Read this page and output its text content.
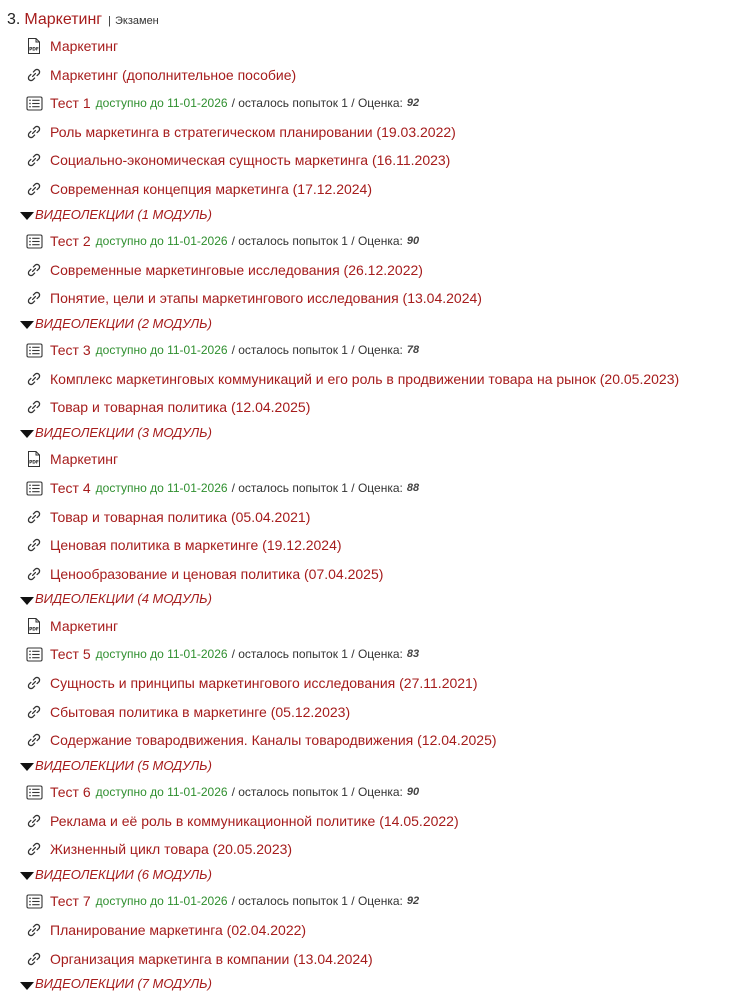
3. Маркетинг | Экзамен
PDF Маркетинг
Маркетинг (дополнительное пособие)
Тест 1 доступно до 11-01-2026 / осталось попыток 1 / Оценка: 92
Роль маркетинга в стратегическом планировании (19.03.2022)
Социально-экономическая сущность маркетинга (16.11.2023)
Современная концепция маркетинга (17.12.2024)
ВИДЕОЛЕКЦИИ (1 МОДУЛЬ)
Тест 2 доступно до 11-01-2026 / осталось попыток 1 / Оценка: 90
Современные маркетинговые исследования (26.12.2022)
Понятие, цели и этапы маркетингового исследования (13.04.2024)
ВИДЕОЛЕКЦИИ (2 МОДУЛЬ)
Тест 3 доступно до 11-01-2026 / осталось попыток 1 / Оценка: 78
Комплекс маркетинговых коммуникаций и его роль в продвижении товара на рынок (20.05.2023)
Товар и товарная политика (12.04.2025)
ВИДЕОЛЕКЦИИ (3 МОДУЛЬ)
PDF Маркетинг
Тест 4 доступно до 11-01-2026 / осталось попыток 1 / Оценка: 88
Товар и товарная политика (05.04.2021)
Ценовая политика в маркетинге (19.12.2024)
Ценообразование и ценовая политика (07.04.2025)
ВИДЕОЛЕКЦИИ (4 МОДУЛЬ)
PDF Маркетинг
Тест 5 доступно до 11-01-2026 / осталось попыток 1 / Оценка: 83
Сущность и принципы маркетингового исследования (27.11.2021)
Сбытовая политика в маркетинге (05.12.2023)
Содержание товародвижения. Каналы товародвижения (12.04.2025)
ВИДЕОЛЕКЦИИ (5 МОДУЛЬ)
Тест 6 доступно до 11-01-2026 / осталось попыток 1 / Оценка: 90
Реклама и её роль в коммуникационной политике (14.05.2022)
Жизненный цикл товара (20.05.2023)
ВИДЕОЛЕКЦИИ (6 МОДУЛЬ)
Тест 7 доступно до 11-01-2026 / осталось попыток 1 / Оценка: 92
Планирование маркетинга (02.04.2022)
Организация маркетинга в компании (13.04.2024)
ВИДЕОЛЕКЦИИ (7 МОДУЛЬ)
